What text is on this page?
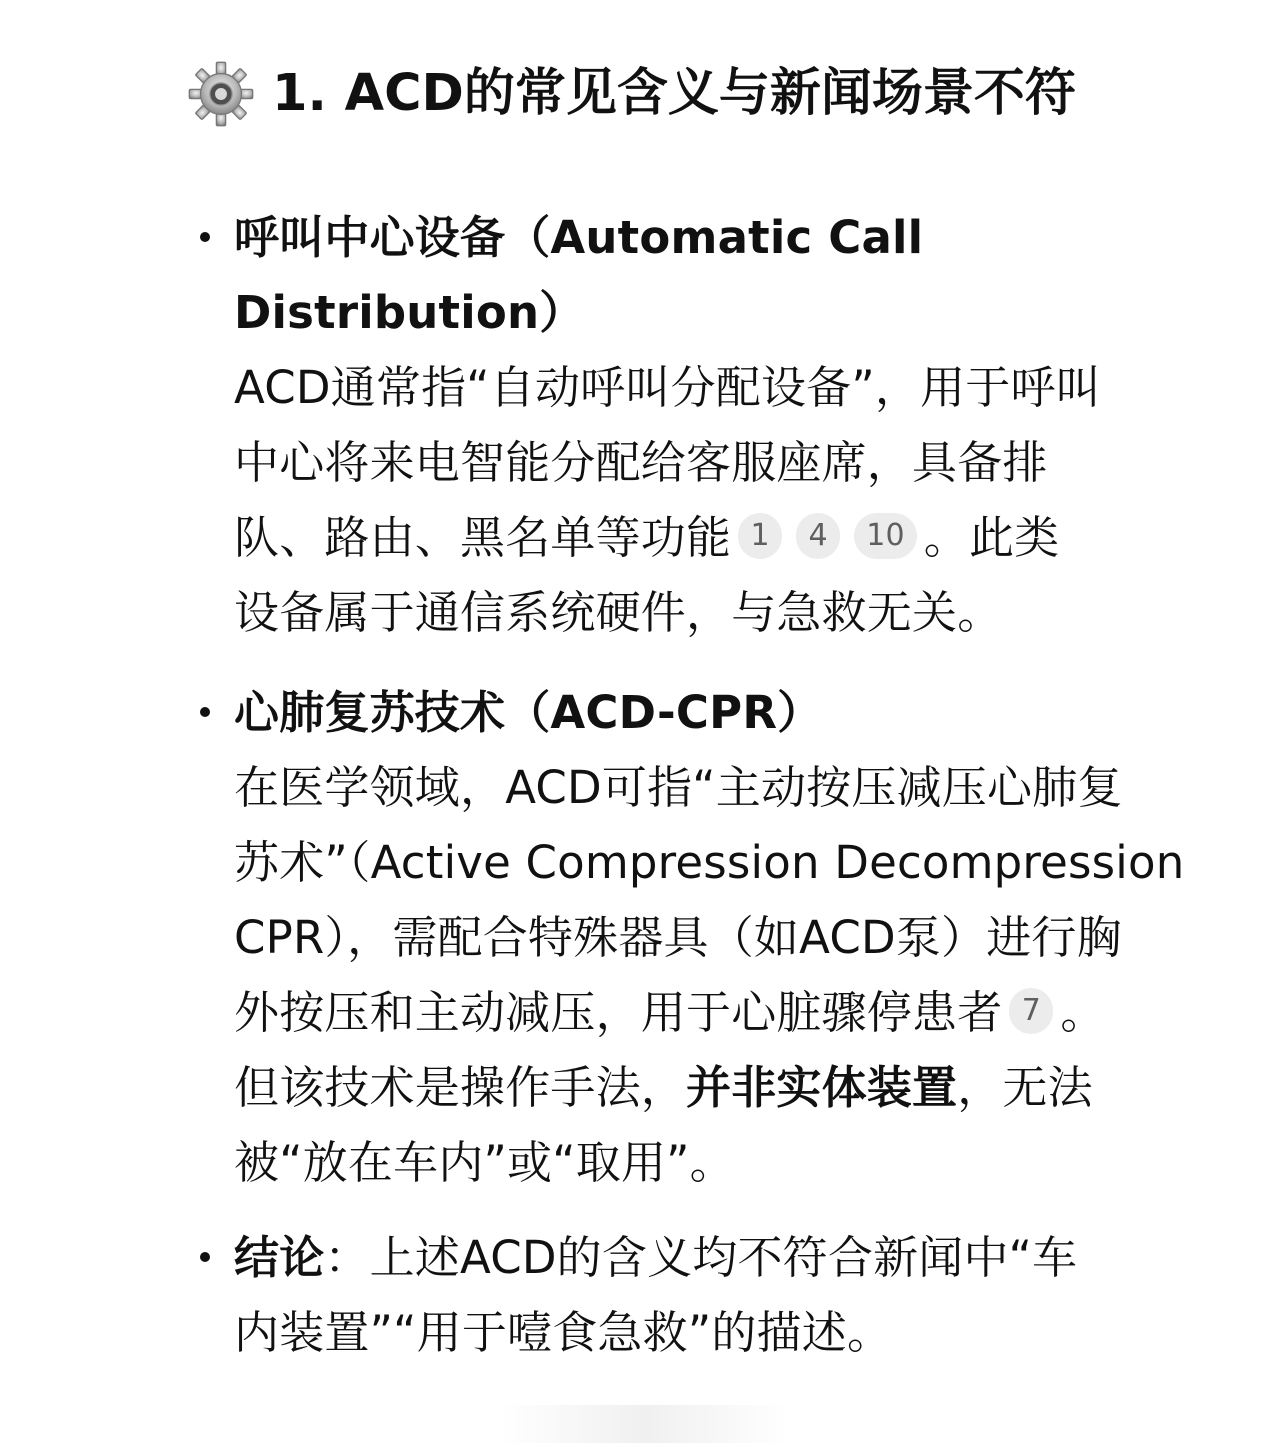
1. ACD的常见含义与新闻场景不符
呼叫中心设备（Automatic Call
Distribution）
ACD通常指“自动呼叫分配设备”，用于呼叫
中心将来电智能分配给客服座席，具备排
队、路由、黑名单等功能 1 4 10 。此类
设备属于通信系统硬件，与急救无关。
心肺复苏技术（ACD-CPR）
在医学领域，ACD可指“主动按压减压心肺复
苏术”（Active Compression Decompression
CPR），需配合特殊器具（如ACD泵）进行胸
外按压和主动减压，用于心脏骤停患者 7 。
但该技术是操作手法，并非实体装置，无法
被“放在车内”或“取用”。
结论：上述ACD的含义均不符合新闻中“车
内装置”“用于噎食急救”的描述。
